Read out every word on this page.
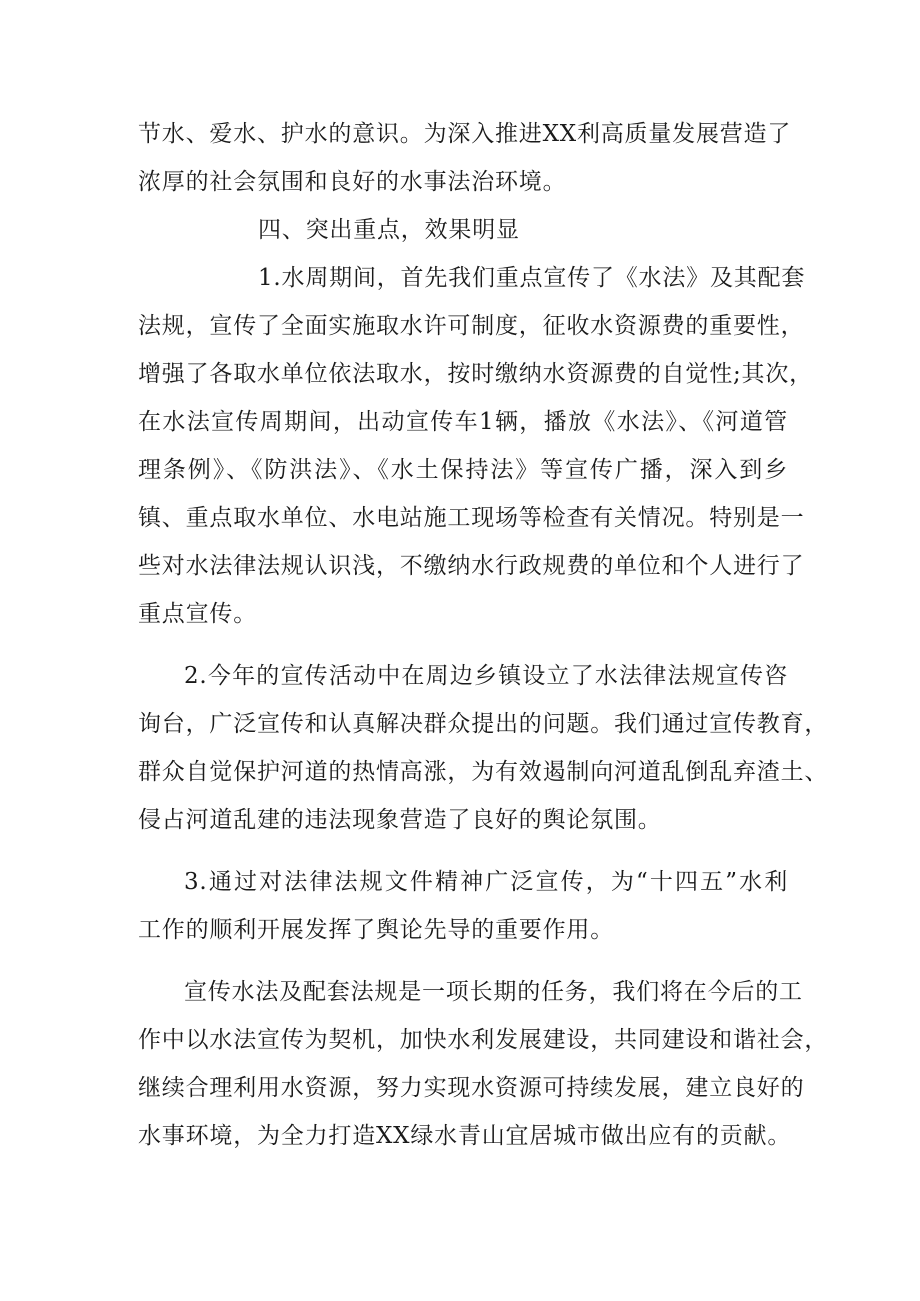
节水、爱水、护水的意识。为深入推进XX利高质量发展营造了
浓厚的社会氛围和良好的水事法治环境。
四、突出重点，效果明显
1.水周期间，首先我们重点宣传了《水法》及其配套
法规，宣传了全面实施取水许可制度，征收水资源费的重要性，
增强了各取水单位依法取水，按时缴纳水资源费的自觉性;其次，
在水法宣传周期间，出动宣传车1辆，播放《水法》、《河道管
理条例》、《防洪法》、《水土保持法》等宣传广播，深入到乡
镇、重点取水单位、水电站施工现场等检查有关情况。特别是一
些对水法律法规认识浅，不缴纳水行政规费的单位和个人进行了
重点宣传。
2.今年的宣传活动中在周边乡镇设立了水法律法规宣传咨
询台，广泛宣传和认真解决群众提出的问题。我们通过宣传教育，
群众自觉保护河道的热情高涨，为有效遏制向河道乱倒乱弃渣土、
侵占河道乱建的违法现象营造了良好的舆论氛围。
3.通过对法律法规文件精神广泛宣传，为“十四五”水利
工作的顺利开展发挥了舆论先导的重要作用。
宣传水法及配套法规是一项长期的任务，我们将在今后的工
作中以水法宣传为契机，加快水利发展建设，共同建设和谐社会，
继续合理利用水资源，努力实现水资源可持续发展，建立良好的
水事环境，为全力打造XX绿水青山宜居城市做出应有的贡献。
